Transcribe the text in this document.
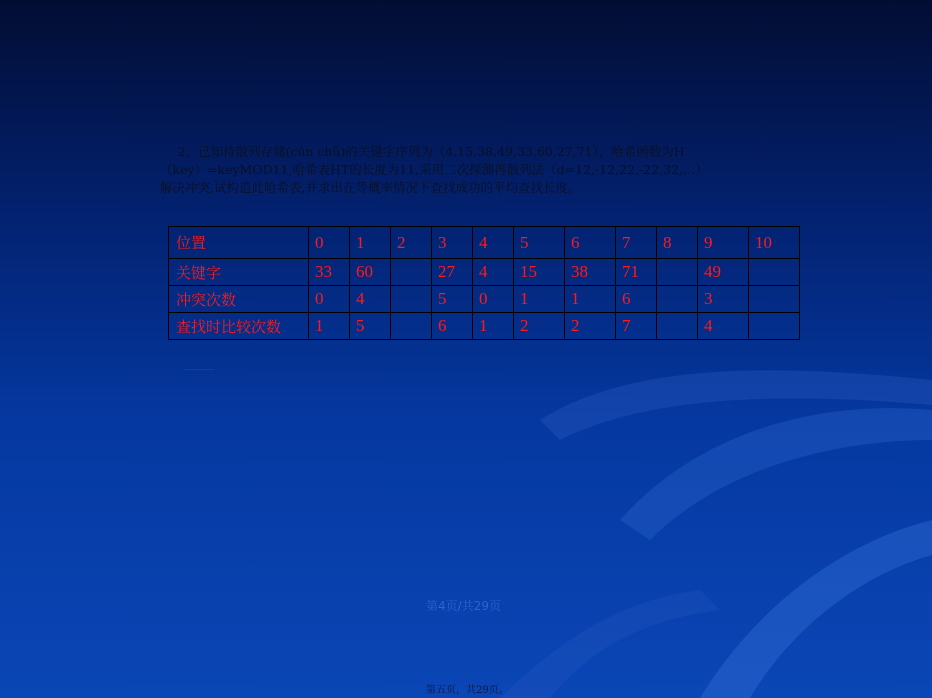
2、已知待散列存储(cún chǔ)的关键字序列为（4,15,38,49,33,60,27,71），哈希函数为H（key）=keyMOD11,哈希表HT的长度为11,采用二次探测再散列法（d=12,-12,22,-22,32,…）解决冲突,试构造此哈希表,并求出在等概率情况下查找成功的平均查找长度。

位置	0	1	2	3	4	5	6	7	8	9	10
关键字	33	60		27	4	15	38	71		49	
冲突次数	0	4		5	0	1	1	6		3	
查找时比较次数	1	5		6	1	2	2	7		4	
…………………………
第4页/共29页
第五页，共29页。
